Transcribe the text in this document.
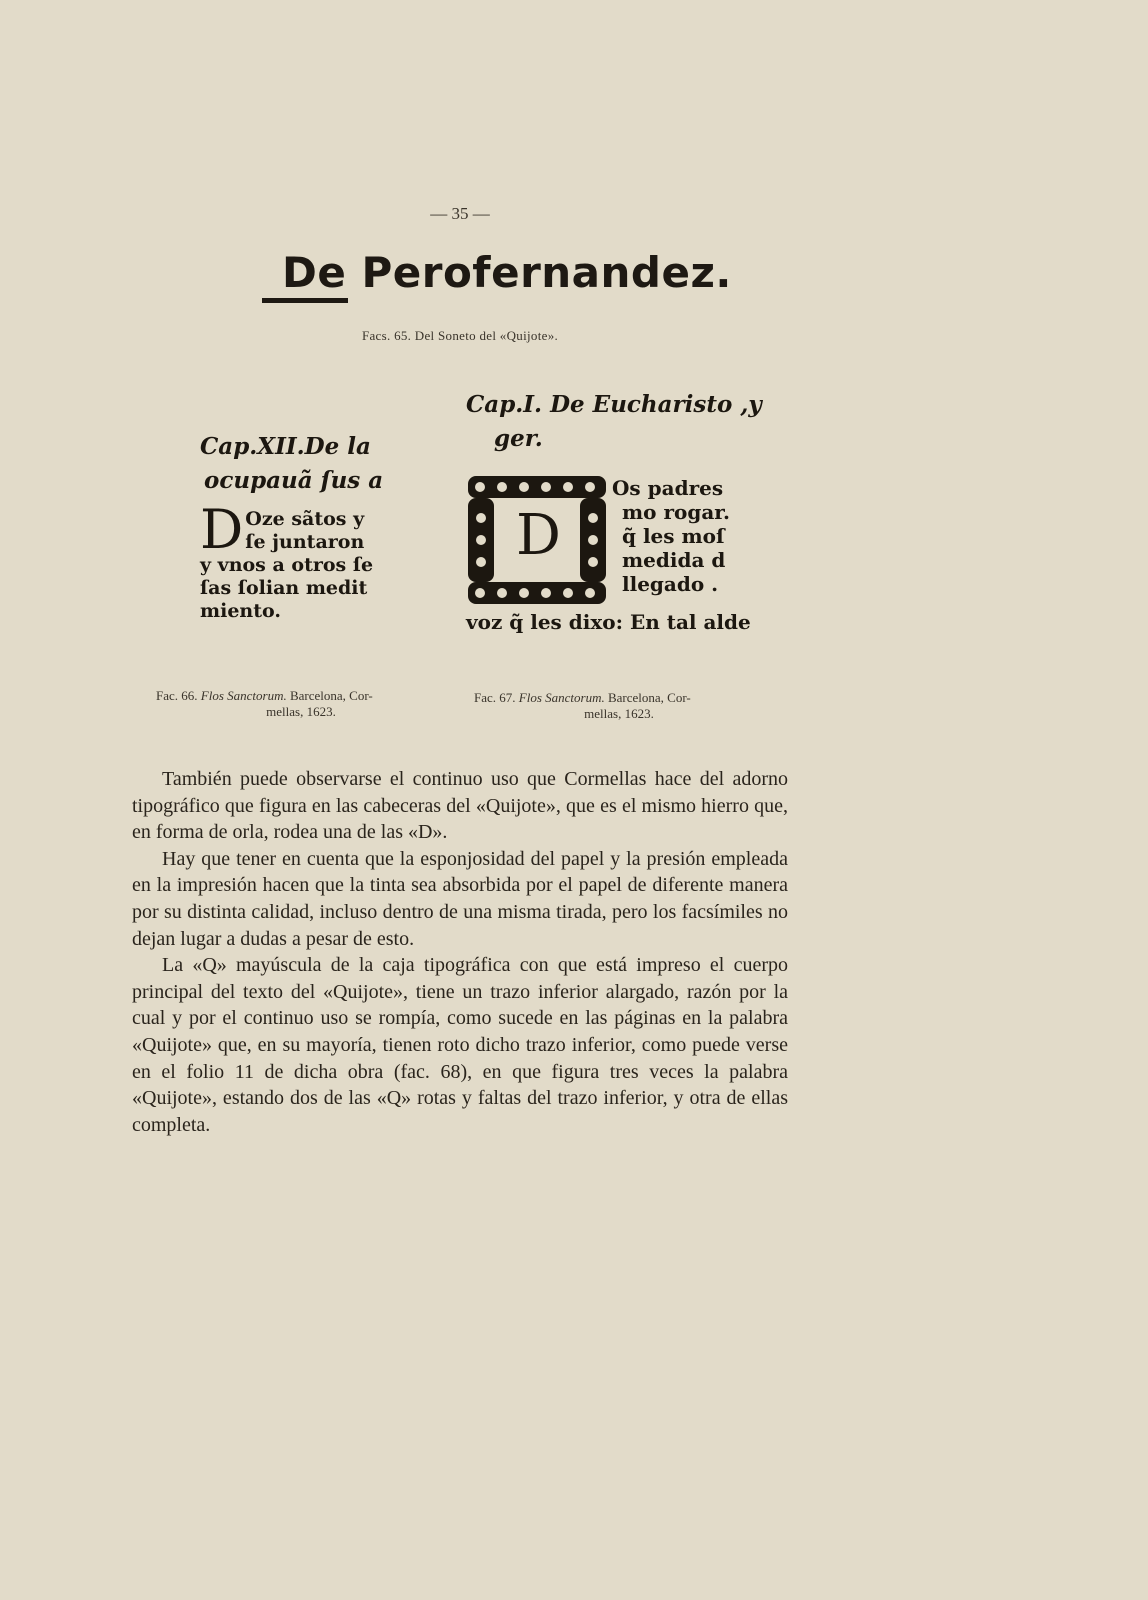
— 35 —
De Perofernandez.
Facs. 65. Del Soneto del «Quijote».
Cap.XII.De la
ocupauã ſus a
D Oze sãtos y
ſe juntaron
y vnos a otros ſe
ſas ſolian medit
miento.
Cap.I. De Eucharisto ,y
ger.
D
Os padres
mo rogar.
q̃ les moſ
medida d
llegado .
voz q̃ les dixo: En tal alde
Fac. 66. Flos Sanctorum. Barcelona, Cor-
mellas, 1623.
Fac. 67. Flos Sanctorum. Barcelona, Cor-
mellas, 1623.

También puede observarse el continuo uso que Cormellas hace del adorno tipográfico que figura en las cabeceras del «Quijote», que es el mismo hierro que, en forma de orla, rodea una de las «D».

Hay que tener en cuenta que la esponjosidad del papel y la presión empleada en la impresión hacen que la tinta sea absorbida por el papel de diferente manera por su distinta calidad, incluso dentro de una misma tirada, pero los facsímiles no dejan lugar a dudas a pesar de esto.

La «Q» mayúscula de la caja tipográfica con que está impreso el cuerpo principal del texto del «Quijote», tiene un trazo inferior alargado, razón por la cual y por el continuo uso se rompía, como sucede en las páginas en la palabra «Quijote» que, en su mayoría, tienen roto dicho trazo inferior, como puede verse en el folio 11 de dicha obra (fac. 68), en que figura tres veces la palabra «Quijote», estando dos de las «Q» rotas y faltas del trazo inferior, y otra de ellas completa.
